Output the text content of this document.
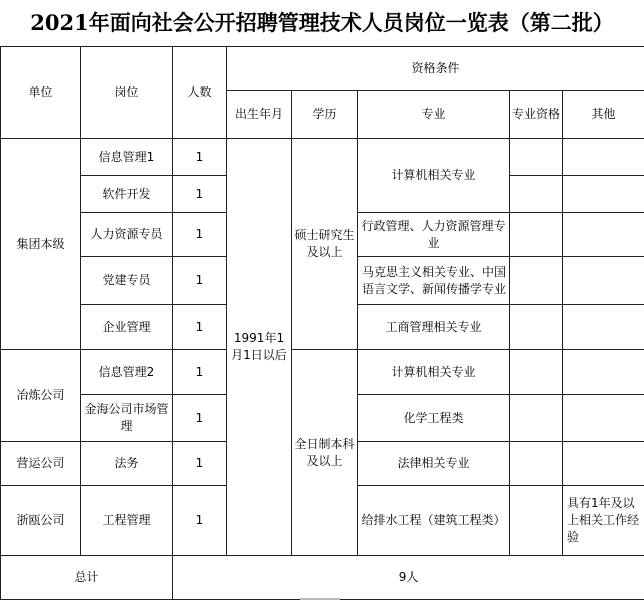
2021年面向社会公开招聘管理技术人员岗位一览表（第二批）
单位	岗位	人数	资格条件				
			出生年月	学历	专业	专业资格	其他
集团本级	信息管理1	1	1991年1月1日以后	硕士研究生及以上	计算机相关专业		
	软件开发	1					
	人力资源专员	1			行政管理、人力资源管理专业		
	党建专员	1			马克思主义相关专业、中国语言文学、新闻传播学专业		
	企业管理	1			工商管理相关专业		
冶炼公司	信息管理2	1		全日制本科及以上	计算机相关专业		
	金海公司市场管理	1			化学工程类		
营运公司	法务	1			法律相关专业		
浙瓯公司	工程管理	1			给排水工程（建筑工程类）		具有1年及以上相关工作经验
总计		9人					
